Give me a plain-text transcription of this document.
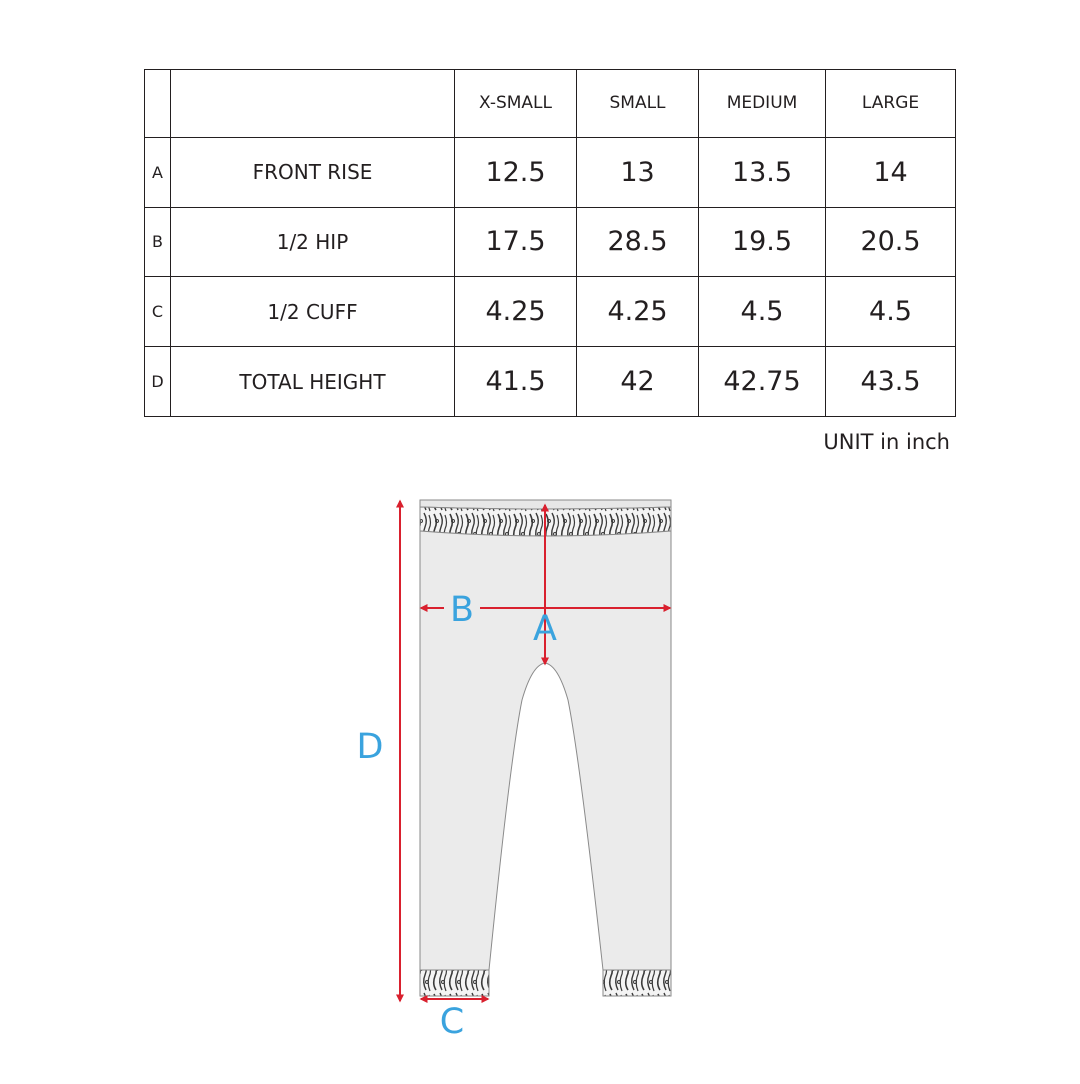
		X-SMALL	SMALL	MEDIUM	LARGE
A	FRONT RISE	12.5	13	13.5	14
B	1/2 HIP	17.5	28.5	19.5	20.5
C	1/2 CUFF	4.25	4.25	4.5	4.5
D	TOTAL HEIGHT	41.5	42	42.75	43.5
UNIT in inch
A
B
C
D
